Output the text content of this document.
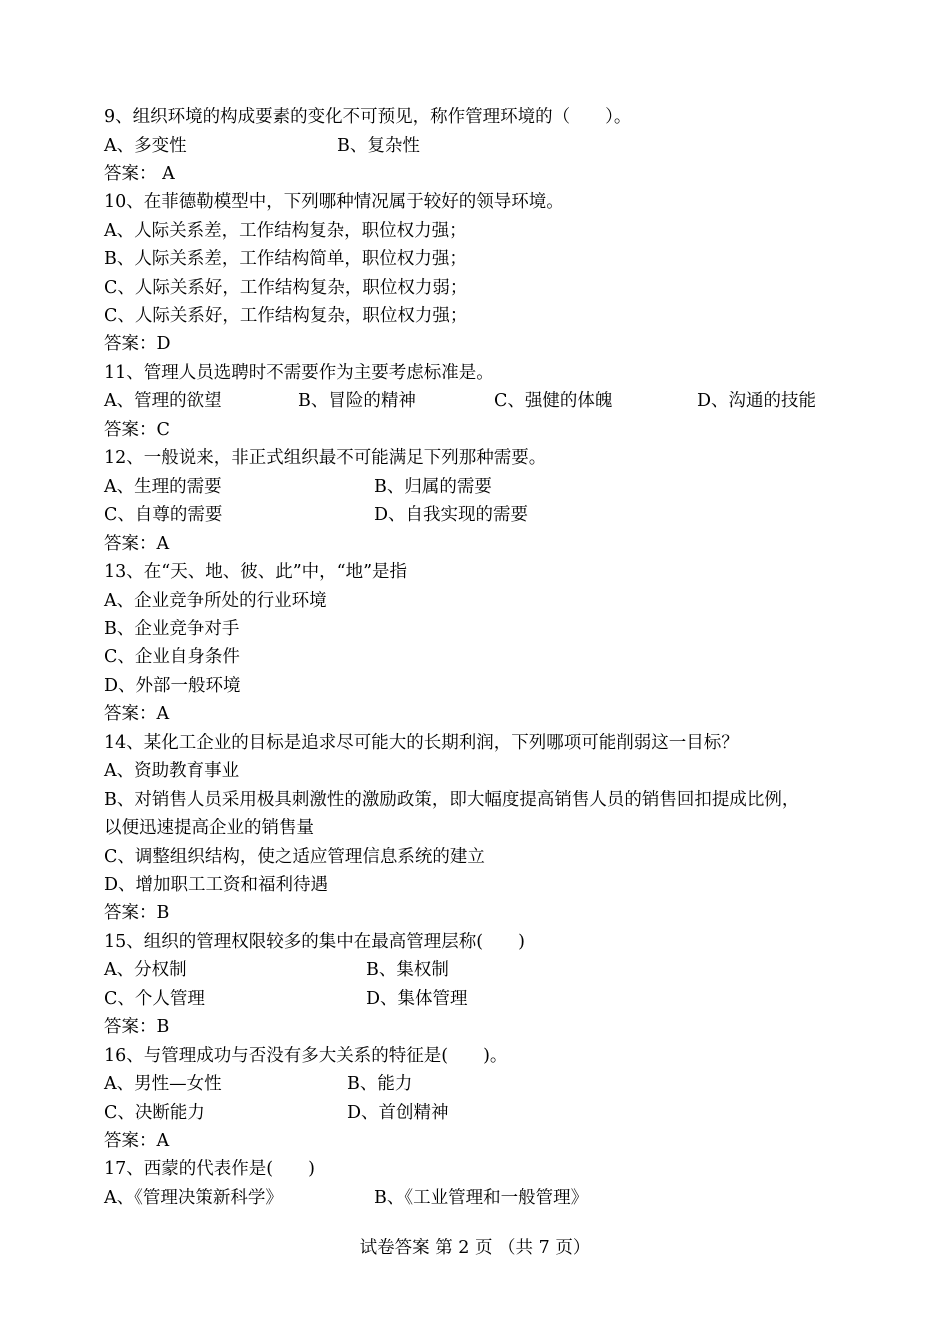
9、组织环境的构成要素的变化不可预见，称作管理环境的（　　）。
A、多变性	B、复杂性
答案： A
10、在菲德勒模型中，下列哪种情况属于较好的领导环境。
A、人际关系差，工作结构复杂，职位权力强；
B、人际关系差，工作结构简单，职位权力强；
C、人际关系好，工作结构复杂，职位权力弱；
C、人际关系好，工作结构复杂，职位权力强；
答案：D
11、管理人员选聘时不需要作为主要考虑标准是。
A、管理的欲望	B、冒险的精神	C、强健的体魄	D、沟通的技能
答案：C
12、一般说来，非正式组织最不可能满足下列那种需要。
A、生理的需要	B、归属的需要
C、自尊的需要	D、自我实现的需要
答案：A
13、在“天、地、彼、此”中，“地”是指
A、企业竞争所处的行业环境
B、企业竞争对手
C、企业自身条件
D、外部一般环境
答案：A
14、某化工企业的目标是追求尽可能大的长期利润，下列哪项可能削弱这一目标？
A、资助教育事业
B、对销售人员采用极具刺激性的激励政策，即大幅度提高销售人员的销售回扣提成比例，
以便迅速提高企业的销售量
C、调整组织结构，使之适应管理信息系统的建立
D、增加职工工资和福利待遇
答案：B
15、组织的管理权限较多的集中在最高管理层称(　　)
A、分权制	B、集权制
C、个人管理	D、集体管理
答案：B
16、与管理成功与否没有多大关系的特征是(　　)。
A、男性—女性	B、能力
C、决断能力	D、首创精神
答案：A
17、西蒙的代表作是(　　)
A、《管理决策新科学》	B、《工业管理和一般管理》
试卷答案 第 2 页 （共 7 页）
